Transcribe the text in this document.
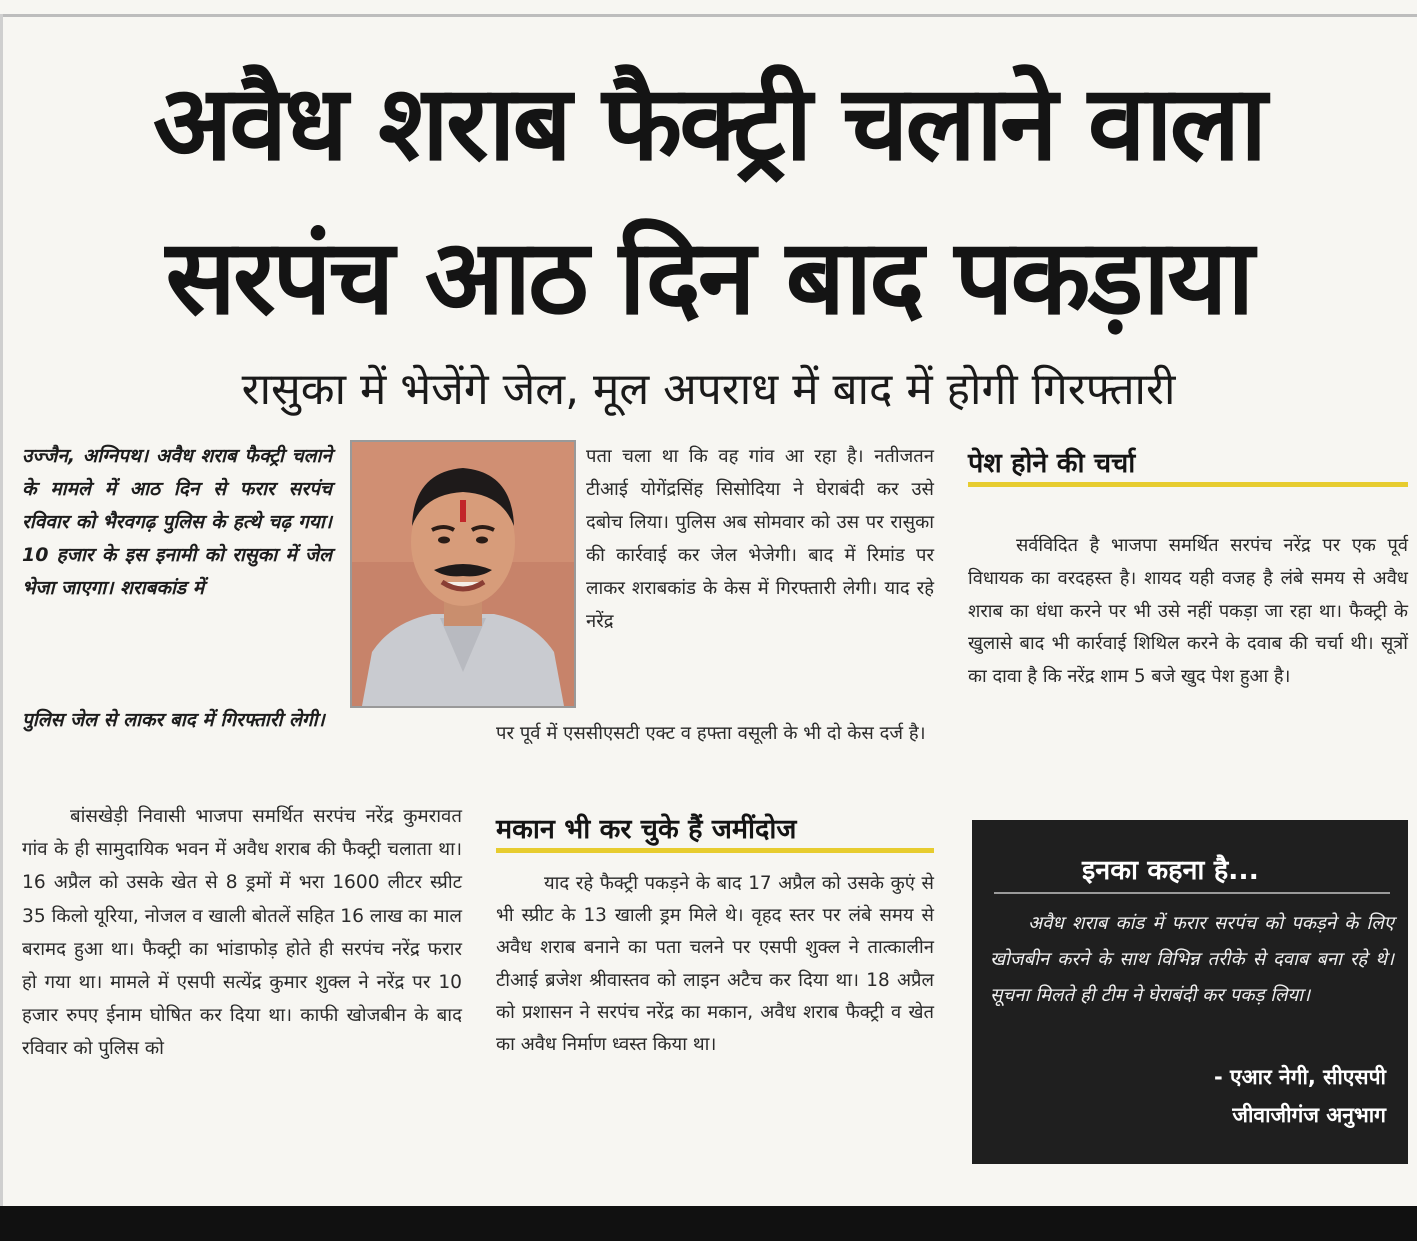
अवैध शराब फैक्ट्री चलाने वाला
सरपंच आठ दिन बाद पकड़ाया
रासुका में भेजेंगे जेल, मूल अपराध में बाद में होगी गिरफ्तारी
उज्जैन, अग्निपथ। अवैध शराब फैक्ट्री चलाने के मामले में आठ दिन से फरार सरपंच रविवार को भैरवगढ़ पुलिस के हत्थे चढ़ गया। 10 हजार के इस इनामी को रासुका में जेल भेजा जाएगा। शराबकांड में
पुलिस जेल से लाकर बाद में गिरफ्तारी लेगी।
बांसखेड़ी निवासी भाजपा समर्थित सरपंच नरेंद्र कुमरावत गांव के ही सामुदायिक भवन में अवैध शराब की फैक्ट्री चलाता था। 16 अप्रैल को उसके खेत से 8 ड्रमों में भरा 1600 लीटर स्प्रीट 35 किलो यूरिया, नोजल व खाली बोतलें सहित 16 लाख का माल बरामद हुआ था। फैक्ट्री का भांडाफोड़ होते ही सरपंच नरेंद्र फरार हो गया था। मामले में एसपी सत्येंद्र कुमार शुक्ल ने नरेंद्र पर 10 हजार रुपए ईनाम घोषित कर दिया था। काफी खोजबीन के बाद रविवार को पुलिस को
पता चला था कि वह गांव आ रहा है। नतीजतन टीआई योगेंद्रसिंह सिसोदिया ने घेराबंदी कर उसे दबोच लिया। पुलिस अब सोमवार को उस पर रासुका की कार्रवाई कर जेल भेजेगी। बाद में रिमांड पर लाकर शराबकांड के केस में गिरफ्तारी लेगी। याद रहे नरेंद्र
पर पूर्व में एससीएसटी एक्ट व हफ्ता वसूली के भी दो केस दर्ज है।
मकान भी कर चुके हैं जमींदोज
याद रहे फैक्ट्री पकड़ने के बाद 17 अप्रैल को उसके कुएं से भी स्प्रीट के 13 खाली ड्रम मिले थे। वृहद स्तर पर लंबे समय से अवैध शराब बनाने का पता चलने पर एसपी शुक्ल ने तात्कालीन टीआई ब्रजेश श्रीवास्तव को लाइन अटैच कर दिया था। 18 अप्रैल को प्रशासन ने सरपंच नरेंद्र का मकान, अवैध शराब फैक्ट्री व खेत का अवैध निर्माण ध्वस्त किया था।
पेश होने की चर्चा
सर्वविदित है भाजपा समर्थित सरपंच नरेंद्र पर एक पूर्व विधायक का वरदहस्त है। शायद यही वजह है लंबे समय से अवैध शराब का धंधा करने पर भी उसे नहीं पकड़ा जा रहा था। फैक्ट्री के खुलासे बाद भी कार्रवाई शिथिल करने के दवाब की चर्चा थी। सूत्रों का दावा है कि नरेंद्र शाम 5 बजे खुद पेश हुआ है।
इनका कहना है...
अवैध शराब कांड में फरार सरपंच को पकड़ने के लिए खोजबीन करने के साथ विभिन्न तरीके से दवाब बना रहे थे। सूचना मिलते ही टीम ने घेराबंदी कर पकड़ लिया।
- एआर नेगी, सीएसपी
जीवाजीगंज अनुभाग
